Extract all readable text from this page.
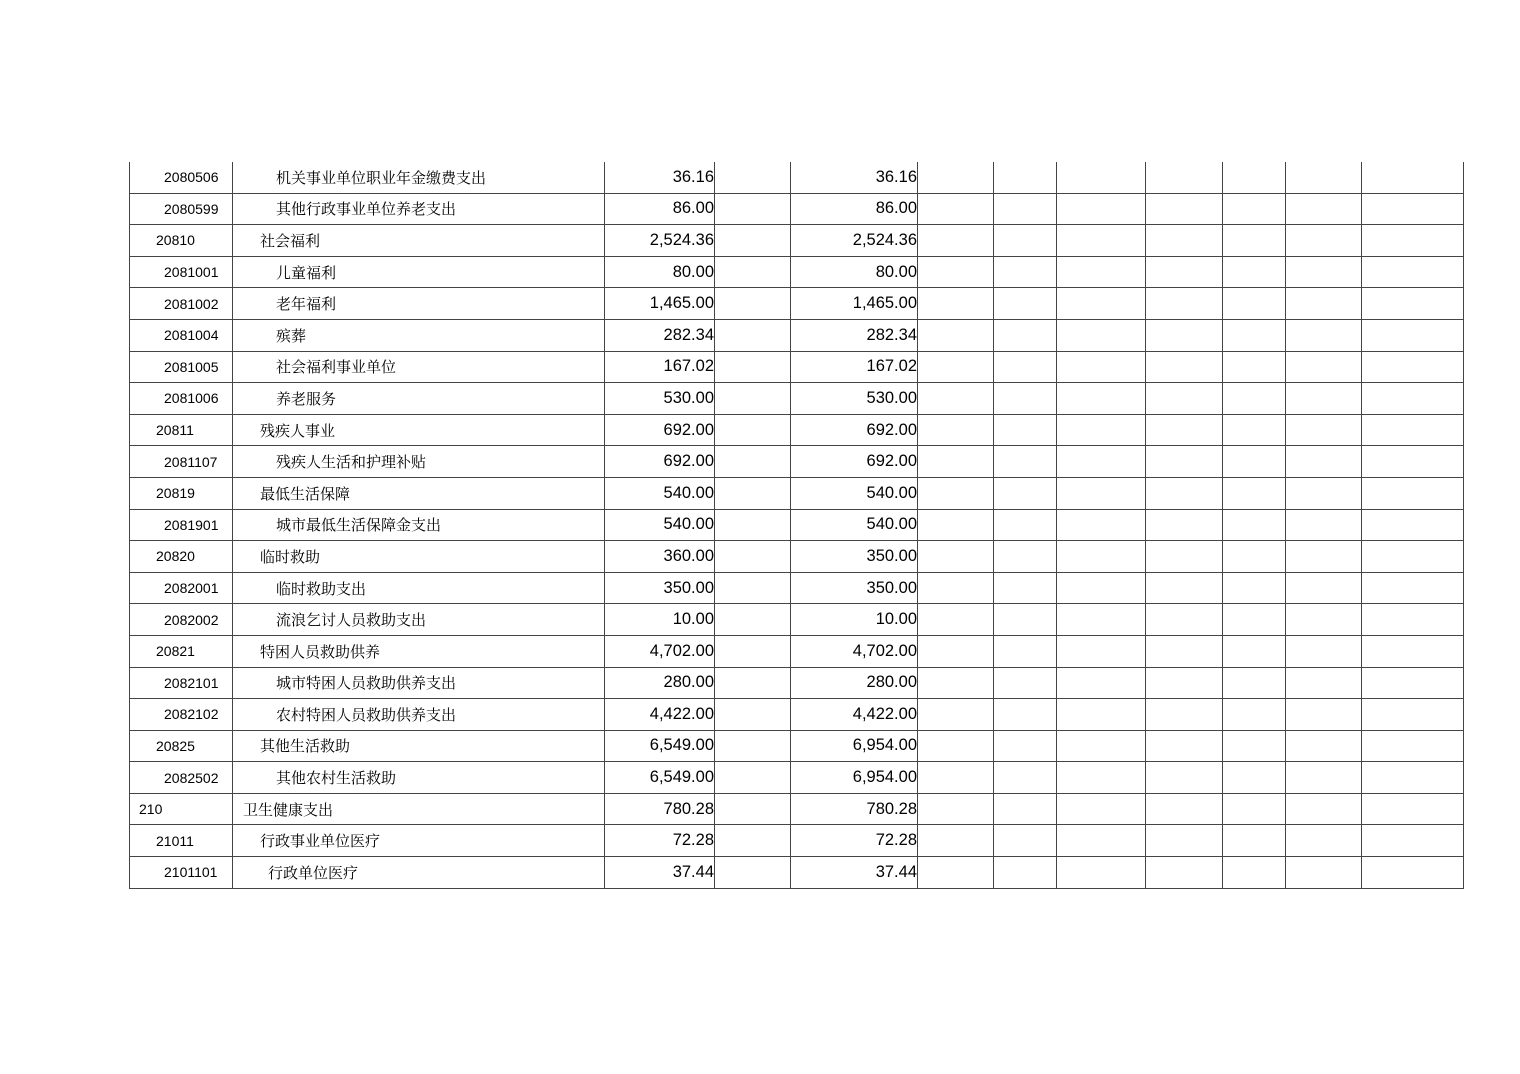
2080506	机关事业单位职业年金缴费支出	36.16		36.16							
2080599	其他行政事业单位养老支出	86.00		86.00							
20810	社会福利	2,524.36		2,524.36							
2081001	儿童福利	80.00		80.00							
2081002	老年福利	1,465.00		1,465.00							
2081004	殡葬	282.34		282.34							
2081005	社会福利事业单位	167.02		167.02							
2081006	养老服务	530.00		530.00							
20811	残疾人事业	692.00		692.00							
2081107	残疾人生活和护理补贴	692.00		692.00							
20819	最低生活保障	540.00		540.00							
2081901	城市最低生活保障金支出	540.00		540.00							
20820	临时救助	360.00		350.00							
2082001	临时救助支出	350.00		350.00							
2082002	流浪乞讨人员救助支出	10.00		10.00							
20821	特困人员救助供养	4,702.00		4,702.00							
2082101	城市特困人员救助供养支出	280.00		280.00							
2082102	农村特困人员救助供养支出	4,422.00		4,422.00							
20825	其他生活救助	6,549.00		6,954.00							
2082502	其他农村生活救助	6,549.00		6,954.00							
210	卫生健康支出	780.28		780.28							
21011	行政事业单位医疗	72.28		72.28							
2101101	行政单位医疗	37.44		37.44							
